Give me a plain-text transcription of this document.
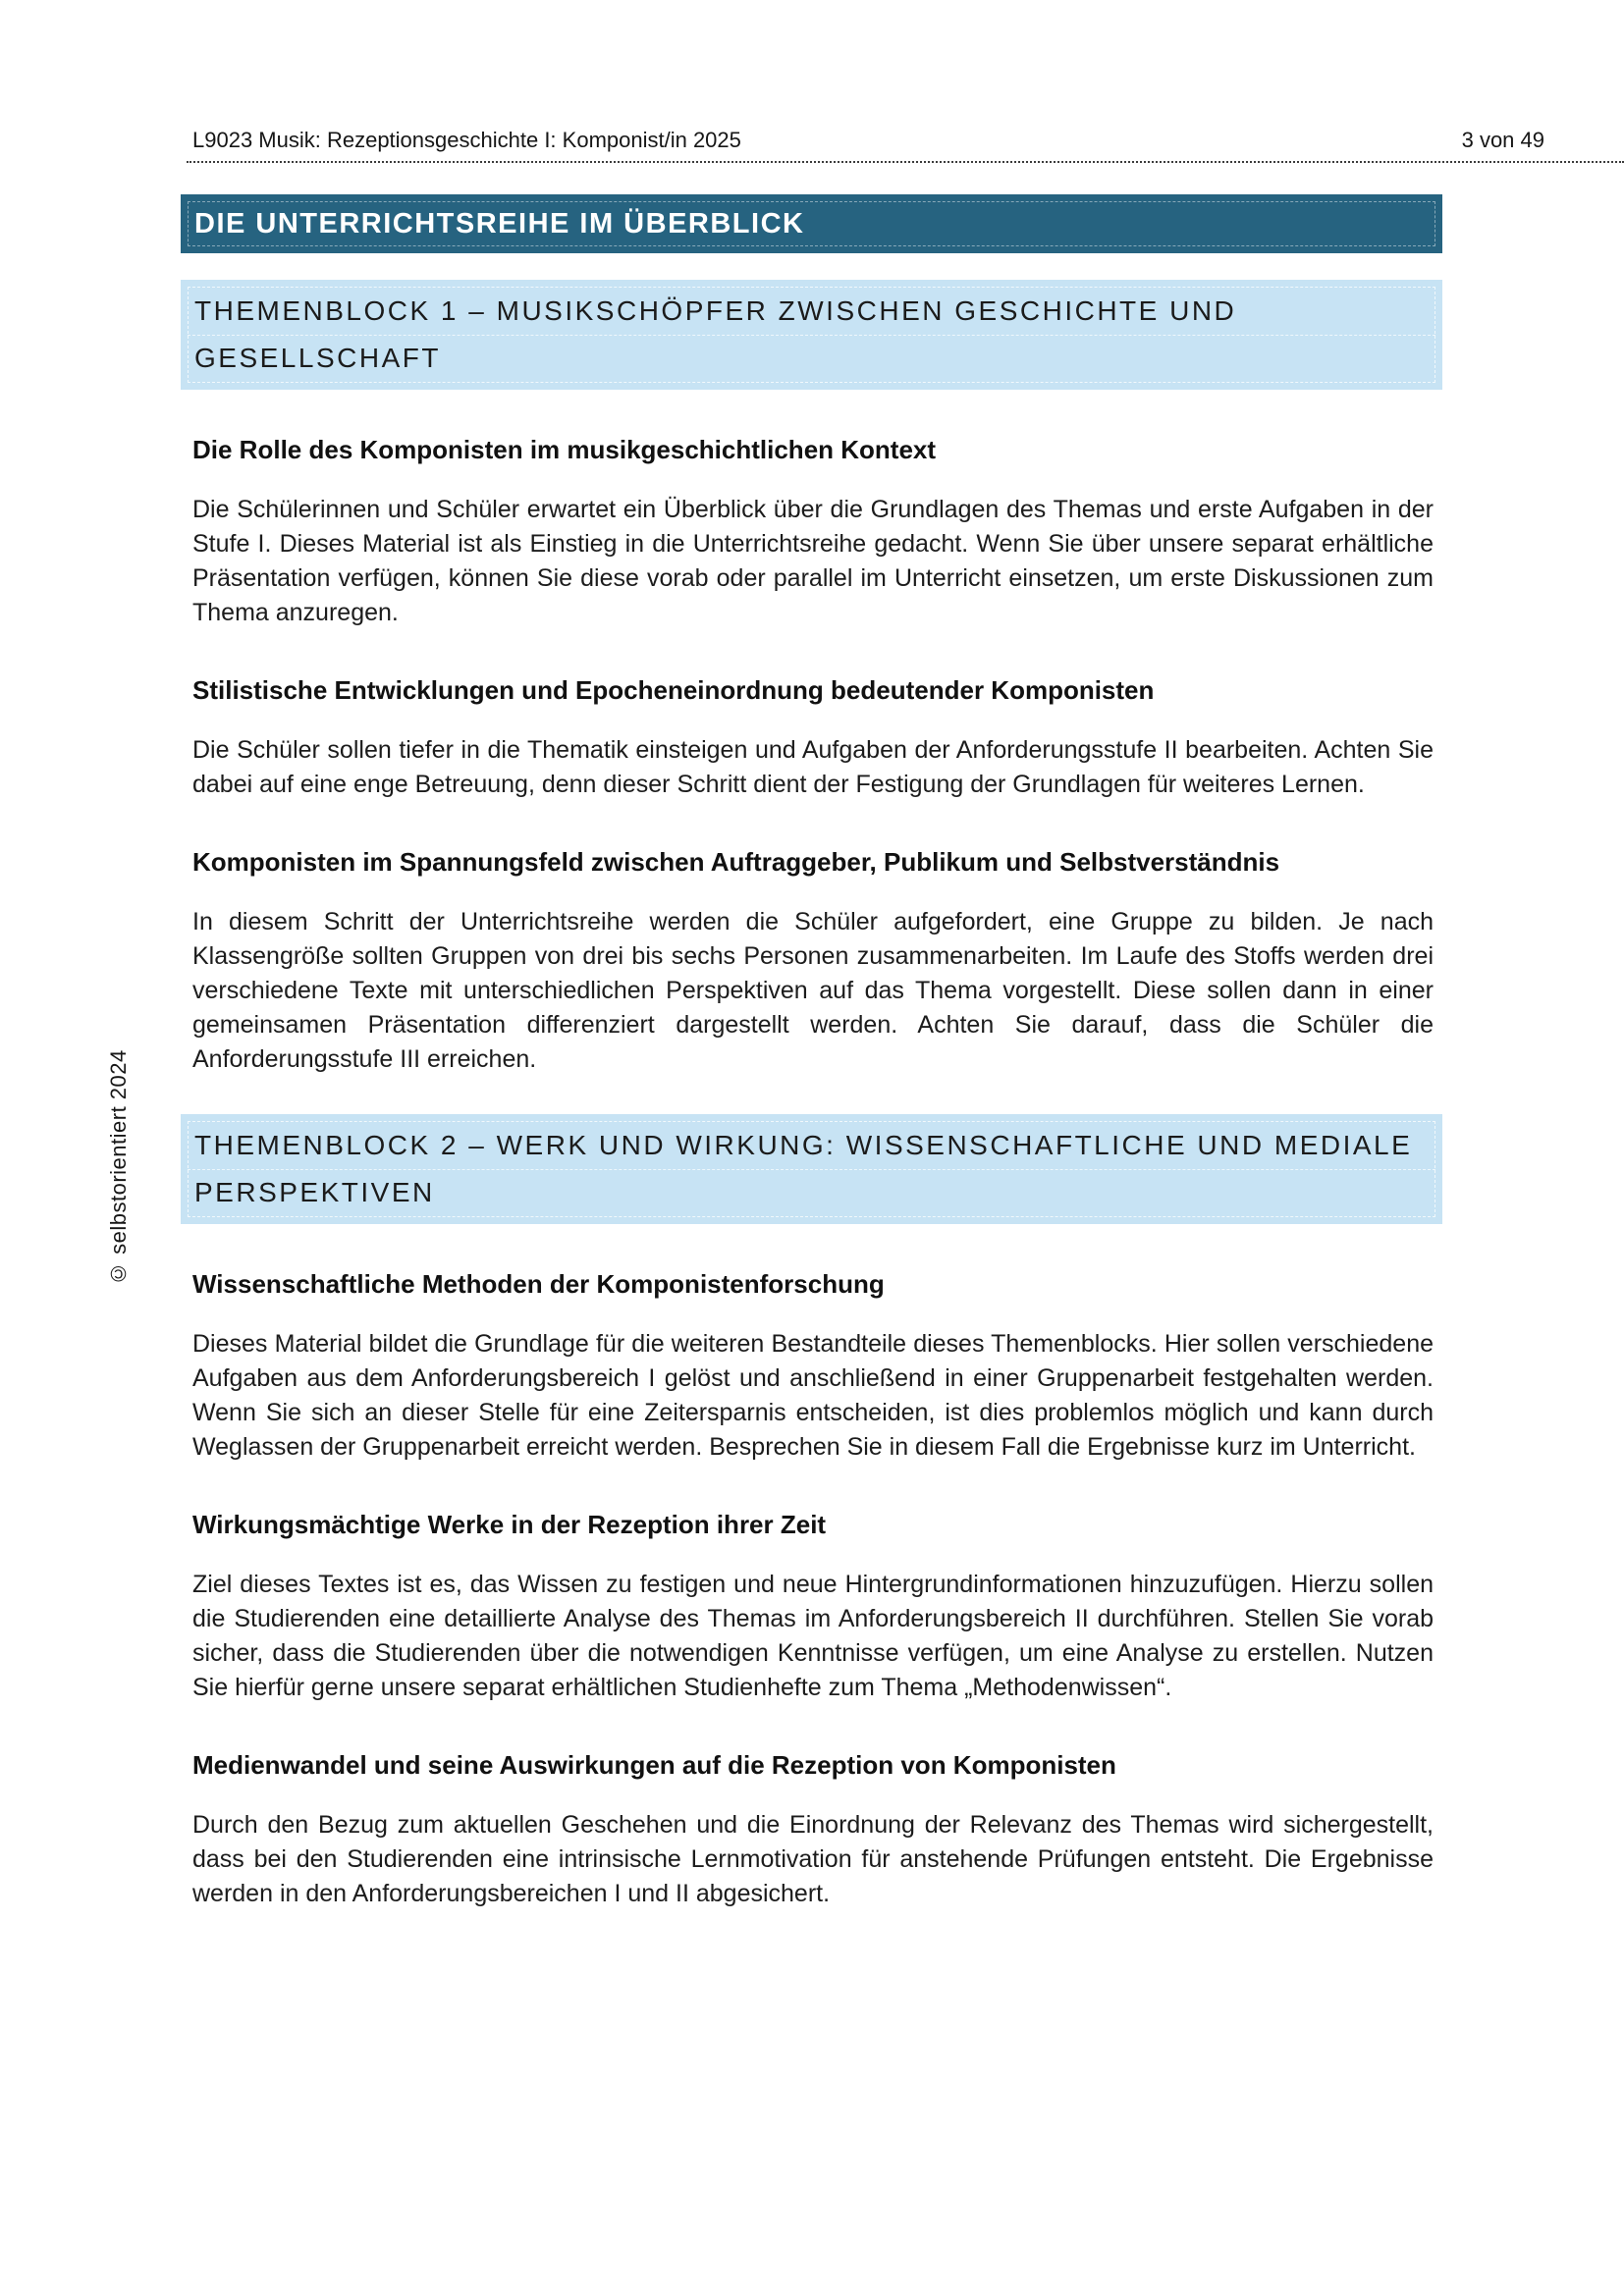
L9023 Musik: Rezeptionsgeschichte I: Komponist/in 2025	3 von 49
© selbstorientiert 2024
DIE UNTERRICHTSREIHE IM ÜBERBLICK
THEMENBLOCK 1 – MUSIKSCHÖPFER ZWISCHEN GESCHICHTE UND GESELLSCHAFT
Die Rolle des Komponisten im musikgeschichtlichen Kontext

Die Schülerinnen und Schüler erwartet ein Überblick über die Grundlagen des Themas und erste Aufgaben in der Stufe I. Dieses Material ist als Einstieg in die Unterrichtsreihe gedacht. Wenn Sie über unsere separat erhältliche Präsentation verfügen, können Sie diese vorab oder parallel im Unterricht einsetzen, um erste Diskussionen zum Thema anzuregen.

Stilistische Entwicklungen und Epocheneinordnung bedeutender Komponisten

Die Schüler sollen tiefer in die Thematik einsteigen und Aufgaben der Anforderungsstufe II bearbeiten. Achten Sie dabei auf eine enge Betreuung, denn dieser Schritt dient der Festigung der Grundlagen für weiteres Lernen.

Komponisten im Spannungsfeld zwischen Auftraggeber, Publikum und Selbstverständnis

In diesem Schritt der Unterrichtsreihe werden die Schüler aufgefordert, eine Gruppe zu bilden. Je nach Klassengröße sollten Gruppen von drei bis sechs Personen zusammenarbeiten. Im Laufe des Stoffs werden drei verschiedene Texte mit unterschiedlichen Perspektiven auf das Thema vorgestellt. Diese sollen dann in einer gemeinsamen Präsentation differenziert dargestellt werden. Achten Sie darauf, dass die Schüler die Anforderungsstufe III erreichen.

THEMENBLOCK 2 – WERK UND WIRKUNG: WISSENSCHAFTLICHE UND MEDIALE PERSPEKTIVEN
Wissenschaftliche Methoden der Komponistenforschung

Dieses Material bildet die Grundlage für die weiteren Bestandteile dieses Themenblocks. Hier sollen verschiedene Aufgaben aus dem Anforderungsbereich I gelöst und anschließend in einer Gruppenarbeit festgehalten werden. Wenn Sie sich an dieser Stelle für eine Zeitersparnis entscheiden, ist dies problemlos möglich und kann durch Weglassen der Gruppenarbeit erreicht werden. Besprechen Sie in diesem Fall die Ergebnisse kurz im Unterricht.

Wirkungsmächtige Werke in der Rezeption ihrer Zeit

Ziel dieses Textes ist es, das Wissen zu festigen und neue Hintergrundinformationen hinzuzufügen. Hierzu sollen die Studierenden eine detaillierte Analyse des Themas im Anforderungsbereich II durchführen. Stellen Sie vorab sicher, dass die Studierenden über die notwendigen Kenntnisse verfügen, um eine Analyse zu erstellen. Nutzen Sie hierfür gerne unsere separat erhältlichen Studienhefte zum Thema „Methodenwissen“.

Medienwandel und seine Auswirkungen auf die Rezeption von Komponisten

Durch den Bezug zum aktuellen Geschehen und die Einordnung der Relevanz des Themas wird sichergestellt, dass bei den Studierenden eine intrinsische Lernmotivation für anstehende Prüfungen entsteht. Die Ergebnisse werden in den Anforderungsbereichen I und II abgesichert.
